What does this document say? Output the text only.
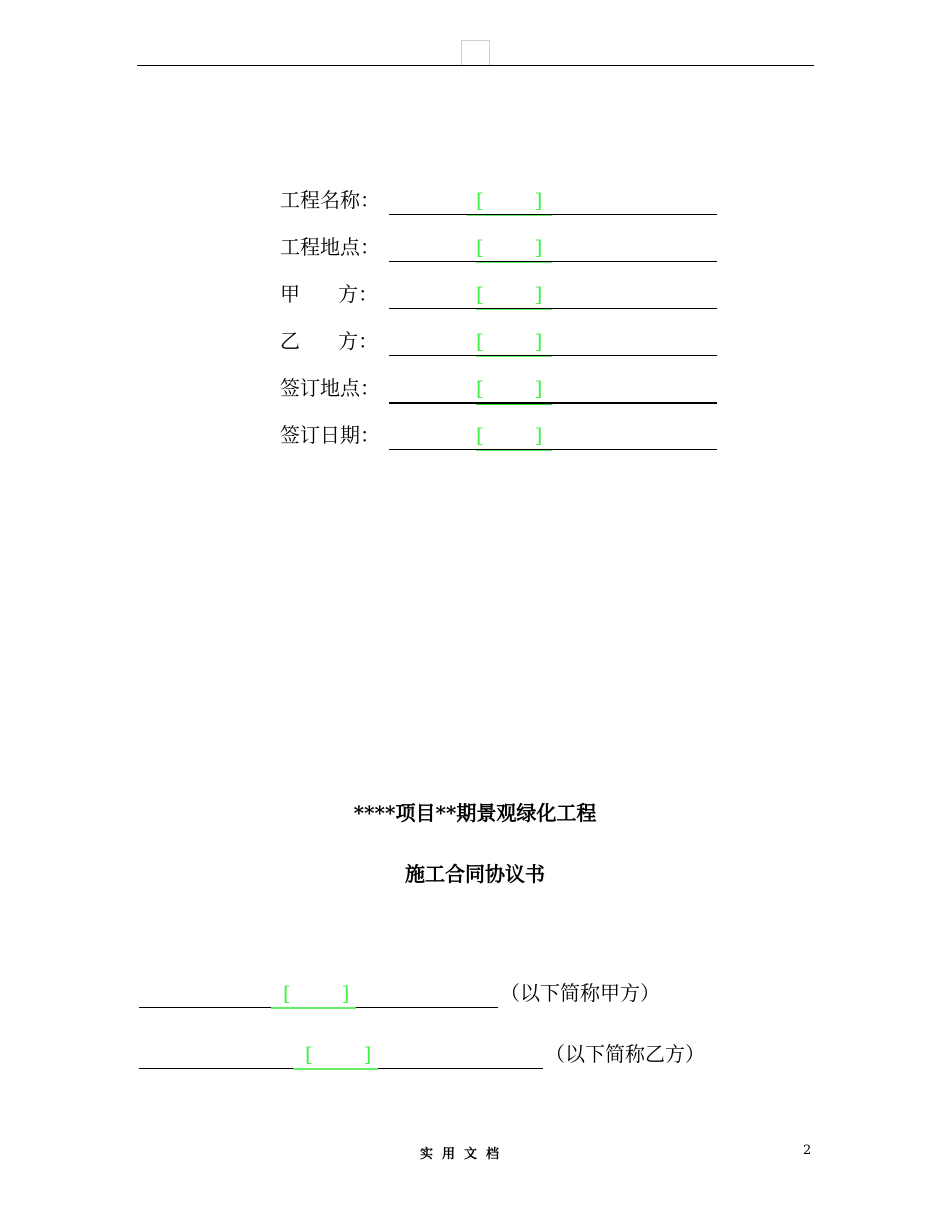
工程名称：	[        ]
工程地点：	[        ]
甲      方：	[        ]
乙      方：	[        ]
签订地点：	[        ]
签订日期：	[        ]
****项目**期景观绿化工程
施工合同协议书
[        ]	（以下简称甲方）
[        ]	（以下简称乙方）
实用文档	2
